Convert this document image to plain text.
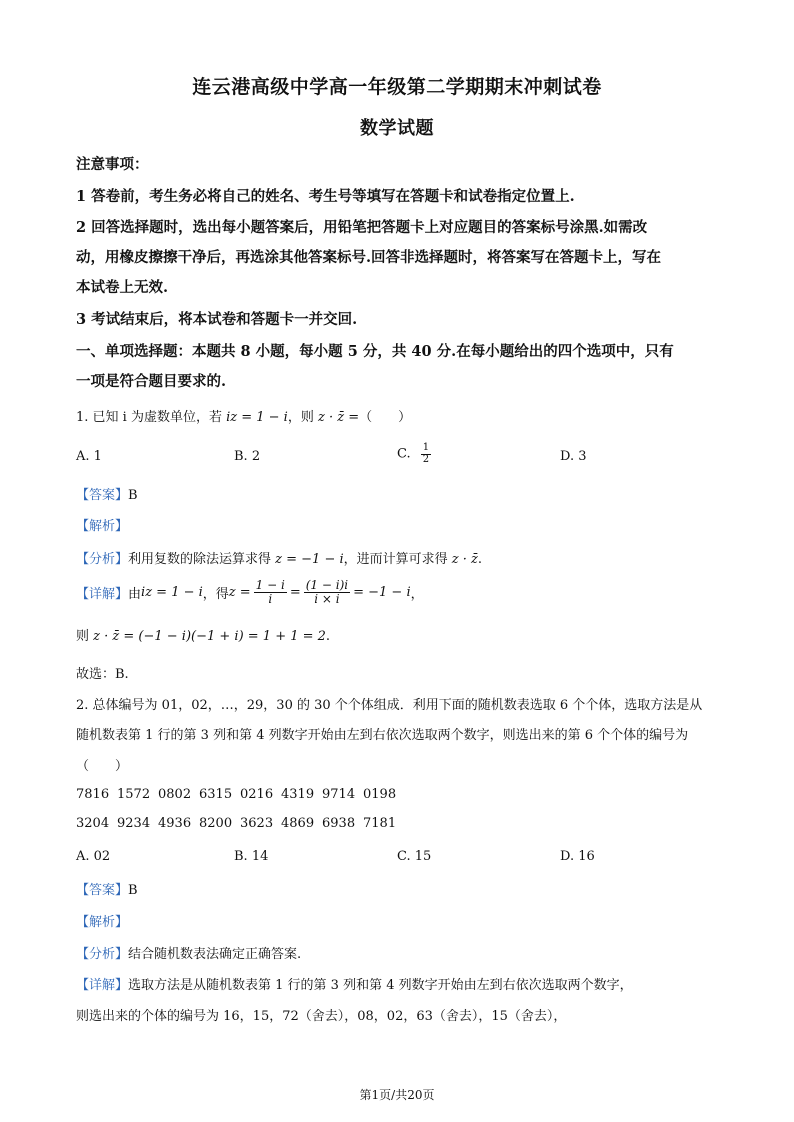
连云港高级中学高一年级第二学期期末冲刺试卷
数学试题
注意事项：
1 答卷前，考生务必将自己的姓名、考生号等填写在答题卡和试卷指定位置上.
2 回答选择题时，选出每小题答案后，用铅笔把答题卡上对应题目的答案标号涂黑.如需改
动，用橡皮擦擦干净后，再选涂其他答案标号.回答非选择题时，将答案写在答题卡上，写在
本试卷上无效.
3 考试结束后，将本试卷和答题卡一并交回.
一、单项选择题：本题共 8 小题，每小题 5 分，共 40 分.在每小题给出的四个选项中，只有
一项是符合题目要求的.
1. 已知 i 为虚数单位，若 iz = 1 − i，则 z · z̄ =（　　）
A. 1	B. 2	C. $\frac{1}{2}$	D. 3
【答案】B
【解析】
【分析】利用复数的除法运算求得 z = −1 − i，进而计算可求得 z · z̄.
【详解】 由 iz = 1 − i ，得 $z = \frac{1 - i}{i} = \frac{(1 - i)i}{i \times i} = -1 - i$ ，
则 z · z̄ = (−1 − i)(−1 + i) = 1 + 1 = 2.
故选：B.
2. 总体编号为 01，02，…，29，30 的 30 个个体组成．利用下面的随机数表选取 6 个个体，选取方法是从
随机数表第 1 行的第 3 列和第 4 列数字开始由左到右依次选取两个数字，则选出来的第 6 个个体的编号为
（　　）
7816 1572 0802 6315 0216 4319 9714 0198
3204 9234 4936 8200 3623 4869 6938 7181
A. 02	B. 14	C. 15	D. 16
【答案】B
【解析】
【分析】结合随机数表法确定正确答案.
【详解】选取方法是从随机数表第 1 行的第 3 列和第 4 列数字开始由左到右依次选取两个数字，
则选出来的个体的编号为 16，15，72（舍去），08，02，63（舍去），15（舍去），
第1页/共20页
